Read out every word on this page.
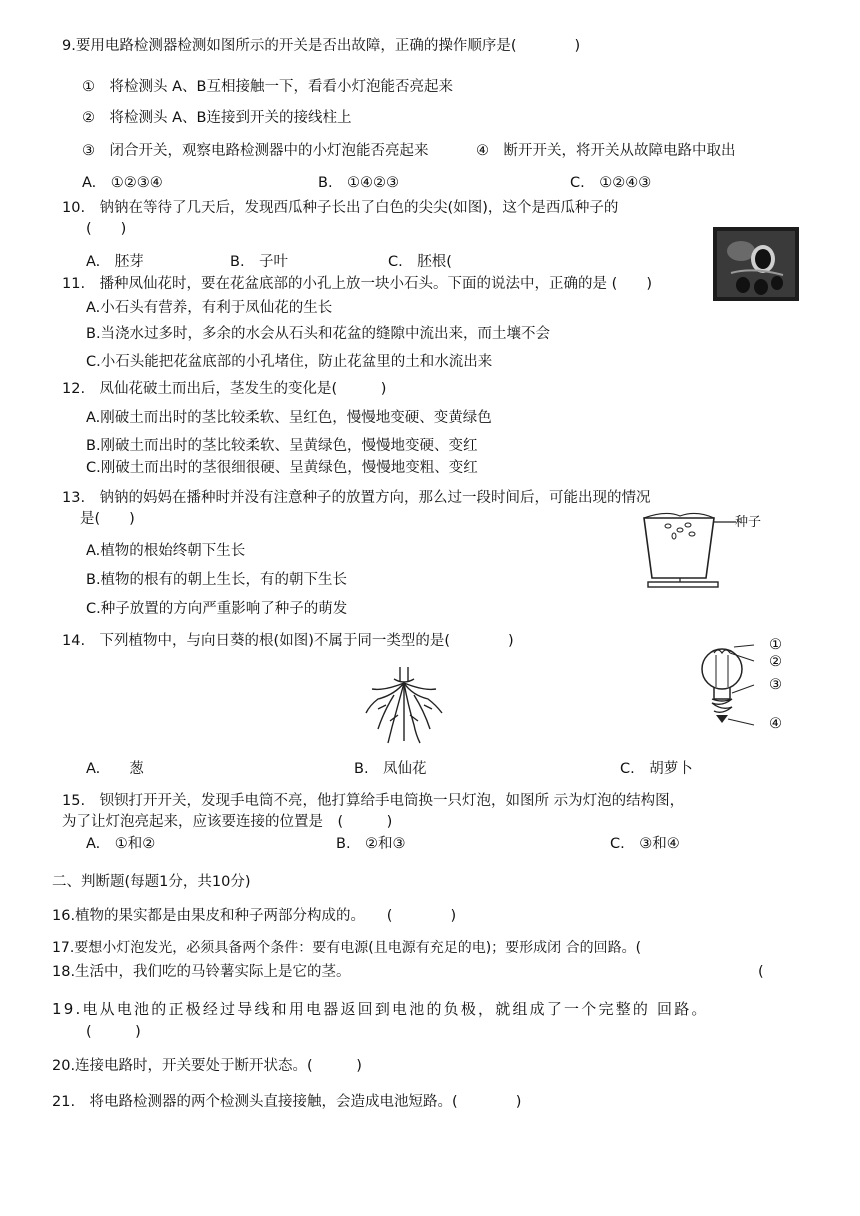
9.要用电路检测器检测如图所示的开关是否出故障，正确的操作顺序是(　　　　)
①　将检测头 A、B互相接触一下，看看小灯泡能否亮起来
②　将检测头 A、B连接到开关的接线柱上
③　闭合开关，观察电路检测器中的小灯泡能否亮起来	④　断开开关，将开关从故障电路中取出
A.　①②③④	B.　①④②③	C.　①②④③
10.　钠钠在等待了几天后，发现西瓜种子长出了白色的尖尖(如图)，这个是西瓜种子的
(　　)
A.　胚芽	B.　子叶	C.　胚根(
11.　播种凤仙花时，要在花盆底部的小孔上放一块小石头。下面的说法中，正确的是 (　　)
A.小石头有营养，有利于凤仙花的生长
B.当浇水过多时，多余的水会从石头和花盆的缝隙中流出来，而土壤不会
C.小石头能把花盆底部的小孔堵住，防止花盆里的土和水流出来
12.　凤仙花破土而出后，茎发生的变化是(　　　)
A.刚破土而出时的茎比较柔软、呈红色，慢慢地变硬、变黄绿色
B.刚破土而出时的茎比较柔软、呈黄绿色，慢慢地变硬、变红
C.刚破土而出时的茎很细很硬、呈黄绿色，慢慢地变粗、变红
13.　钠钠的妈妈在播种时并没有注意种子的放置方向，那么过一段时间后，可能出现的情况
是(　　)
A.植物的根始终朝下生长
B.植物的根有的朝上生长，有的朝下生长
C.种子放置的方向严重影响了种子的萌发
种子
14.　下列植物中，与向日葵的根(如图)不属于同一类型的是(　　　　)	①
②
③
④
A.　　葱	B.　凤仙花	C.　胡萝卜
15.　钡钡打开开关，发现手电筒不亮，他打算给手电筒换一只灯泡，如图所 示为灯泡的结构图，
为了让灯泡亮起来，应该要连接的位置是　(　　　)
A.　①和②	B.　②和③	C.　③和④
二、判断题(每题1分，共10分)
16.植物的果实都是由果皮和种子两部分构成的。　　(　　　　)
17.要想小灯泡发光，必须具备两个条件：要有电源(且电源有充足的电)；要形成闭 合的回路。(
18.生活中，我们吃的马铃薯实际上是它的茎。	(
19.电从电池的正极经过导线和用电器返回到电池的负极，就组成了一个完整的 回路。
(　　　)
20.连接电路时，开关要处于断开状态。(　　　)
21.　将电路检测器的两个检测头直接接触，会造成电池短路。(　　　　)
